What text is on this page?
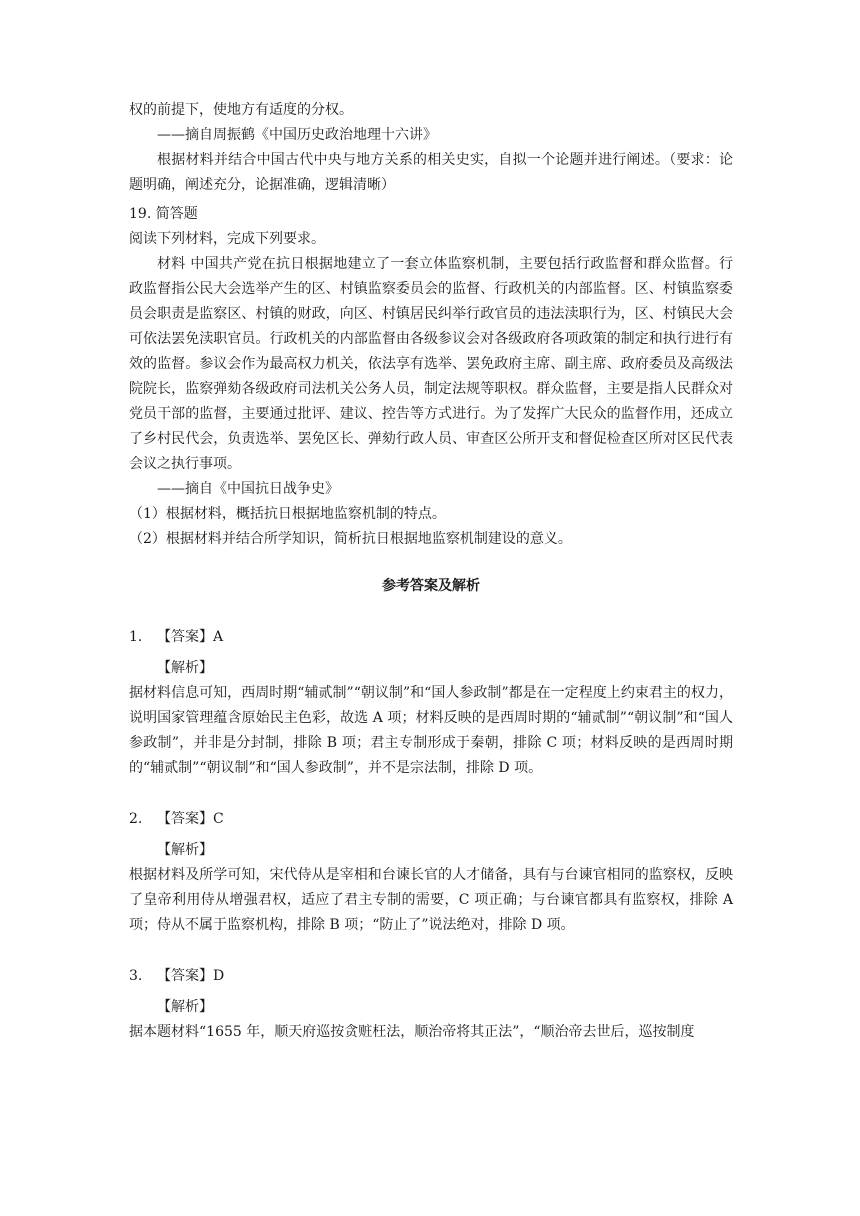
权的前提下，使地方有适度的分权。
——摘自周振鹤《中国历史政治地理十六讲》
根据材料并结合中国古代中央与地方关系的相关史实，自拟一个论题并进行阐述。（要求：论题明确，阐述充分，论据准确，逻辑清晰）
19. 简答题
阅读下列材料，完成下列要求。
材料 中国共产党在抗日根据地建立了一套立体监察机制，主要包括行政监督和群众监督。行政监督指公民大会选举产生的区、村镇监察委员会的监督、行政机关的内部监督。区、村镇监察委员会职责是监察区、村镇的财政，向区、村镇居民纠举行政官员的违法渎职行为，区、村镇民大会可依法罢免渎职官员。行政机关的内部监督由各级参议会对各级政府各项政策的制定和执行进行有效的监督。参议会作为最高权力机关，依法享有选举、罢免政府主席、副主席、政府委员及高级法院院长，监察弹劾各级政府司法机关公务人员，制定法规等职权。群众监督，主要是指人民群众对党员干部的监督，主要通过批评、建议、控告等方式进行。为了发挥广大民众的监督作用，还成立了乡村民代会，负责选举、罢免区长、弹劾行政人员、审查区公所开支和督促检查区所对区民代表会议之执行事项。
——摘自《中国抗日战争史》
（1）根据材料，概括抗日根据地监察机制的特点。
（2）根据材料并结合所学知识，简析抗日根据地监察机制建设的意义。
参考答案及解析
1. 【答案】A
【解析】
据材料信息可知，西周时期“辅贰制”“朝议制”和“国人参政制”都是在一定程度上约束君主的权力，说明国家管理蕴含原始民主色彩，故选 A 项；材料反映的是西周时期的“辅贰制”“朝议制”和“国人参政制”，并非是分封制，排除 B 项；君主专制形成于秦朝，排除 C 项；材料反映的是西周时期的“辅贰制”“朝议制”和“国人参政制”，并不是宗法制，排除 D 项。
2. 【答案】C
【解析】
根据材料及所学可知，宋代侍从是宰相和台谏长官的人才储备，具有与台谏官相同的监察权，反映了皇帝利用侍从增强君权，适应了君主专制的需要，C 项正确；与台谏官都具有监察权，排除 A 项；侍从不属于监察机构，排除 B 项；“防止了”说法绝对，排除 D 项。
3. 【答案】D
【解析】
据本题材料“1655 年，顺天府巡按贪赃枉法，顺治帝将其正法”，“顺治帝去世后，巡按制度
